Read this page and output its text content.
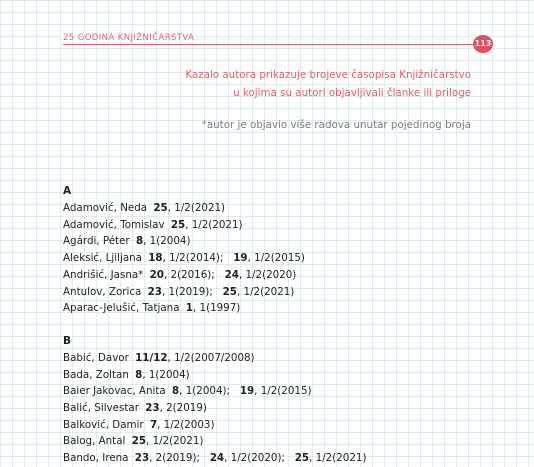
25 GODINA KNJIŽNIČARSTVA
113
Kazalo autora prikazuje brojeve časopisa Knjižničarstvo
u kojima su autori objavljivali članke ili priloge
*autor je objavio više radova unutar pojedinog broja
A
Adamović, Neda 25, 1/2(2021)
Adamović, Tomislav 25, 1/2(2021)
Agárdi, Péter 8, 1(2004)
Aleksić, Ljiljana 18, 1/2(2014); 19, 1/2(2015)
Andrišić, Jasna* 20, 2(2016); 24, 1/2(2020)
Antulov, Zorica 23, 1(2019); 25, 1/2(2021)
Aparac-Jelušić, Tatjana 1, 1(1997)
B
Babić, Davor 11/12, 1/2(2007/2008)
Bada, Zoltan 8, 1(2004)
Baier Jakovac, Anita 8, 1(2004); 19, 1/2(2015)
Balić, Silvestar 23, 2(2019)
Balković, Damir 7, 1/2(2003)
Balog, Antal 25, 1/2(2021)
Bando, Irena 23, 2(2019); 24, 1/2(2020); 25, 1/2(2021)
